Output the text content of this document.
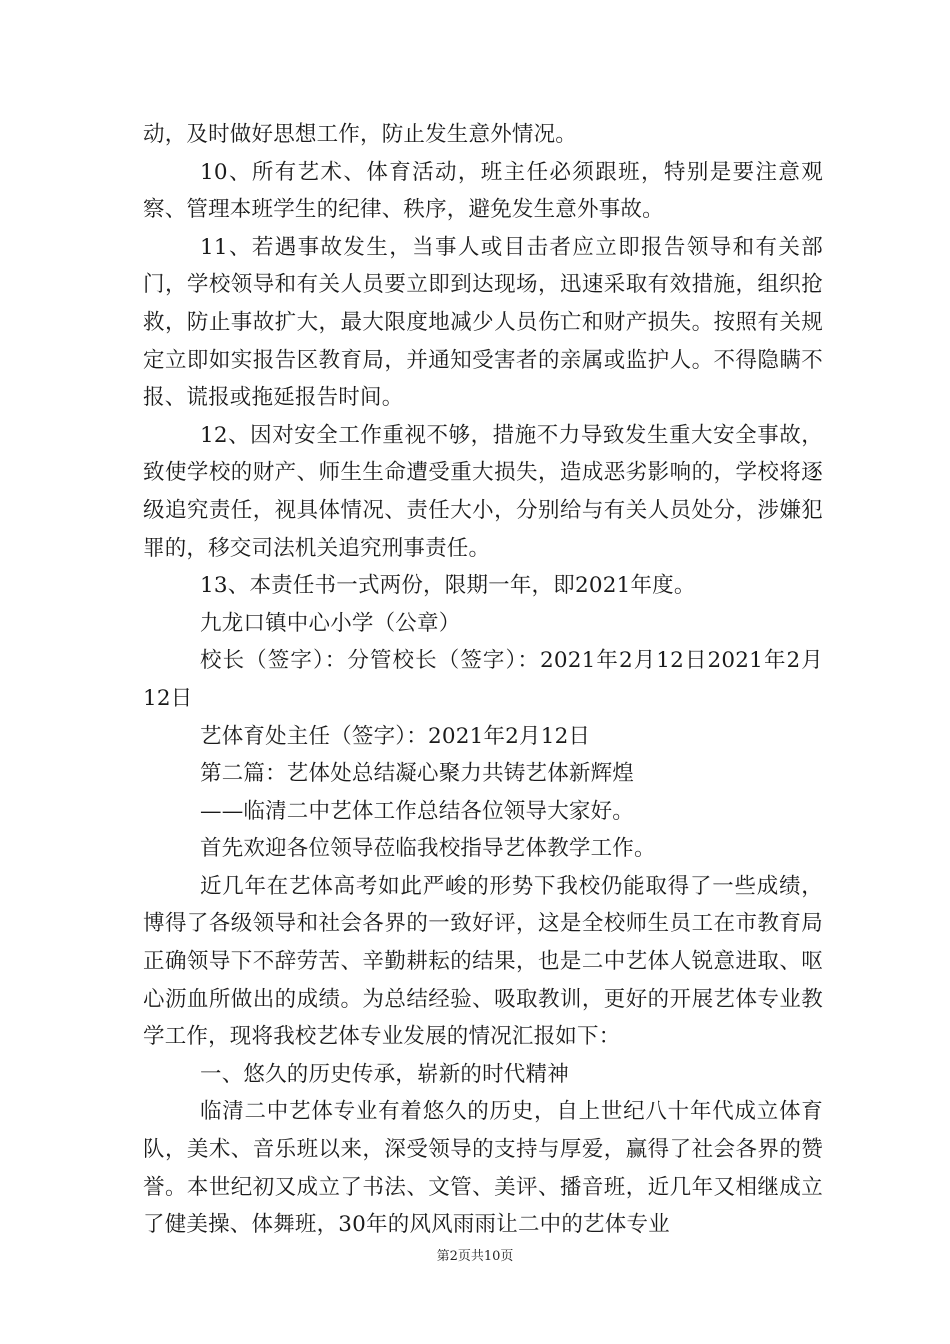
动，及时做好思想工作，防止发生意外情况。

10、所有艺术、体育活动，班主任必须跟班，特别是要注意观察、管理本班学生的纪律、秩序，避免发生意外事故。

11、若遇事故发生，当事人或目击者应立即报告领导和有关部门，学校领导和有关人员要立即到达现场，迅速采取有效措施，组织抢救，防止事故扩大，最大限度地减少人员伤亡和财产损失。按照有关规定立即如实报告区教育局，并通知受害者的亲属或监护人。不得隐瞒不报、谎报或拖延报告时间。

12、因对安全工作重视不够，措施不力导致发生重大安全事故，致使学校的财产、师生生命遭受重大损失，造成恶劣影响的，学校将逐级追究责任，视具体情况、责任大小，分别给与有关人员处分，涉嫌犯罪的，移交司法机关追究刑事责任。

13、本责任书一式两份，限期一年，即2021年度。

九龙口镇中心小学（公章）

校长（签字）：分管校长（签字）：2021年2月12日2021年2月12日

艺体育处主任（签字）：2021年2月12日

第二篇：艺体处总结凝心聚力共铸艺体新辉煌

——临清二中艺体工作总结各位领导大家好。

首先欢迎各位领导莅临我校指导艺体教学工作。

近几年在艺体高考如此严峻的形势下我校仍能取得了一些成绩，博得了各级领导和社会各界的一致好评，这是全校师生员工在市教育局正确领导下不辞劳苦、辛勤耕耘的结果，也是二中艺体人锐意进取、呕心沥血所做出的成绩。为总结经验、吸取教训，更好的开展艺体专业教学工作，现将我校艺体专业发展的情况汇报如下：

一、悠久的历史传承，崭新的时代精神

临清二中艺体专业有着悠久的历史，自上世纪八十年代成立体育队，美术、音乐班以来，深受领导的支持与厚爱，赢得了社会各界的赞誉。本世纪初又成立了书法、文管、美评、播音班，近几年又相继成立了健美操、体舞班，30年的风风雨雨让二中的艺体专业

第2页共10页
